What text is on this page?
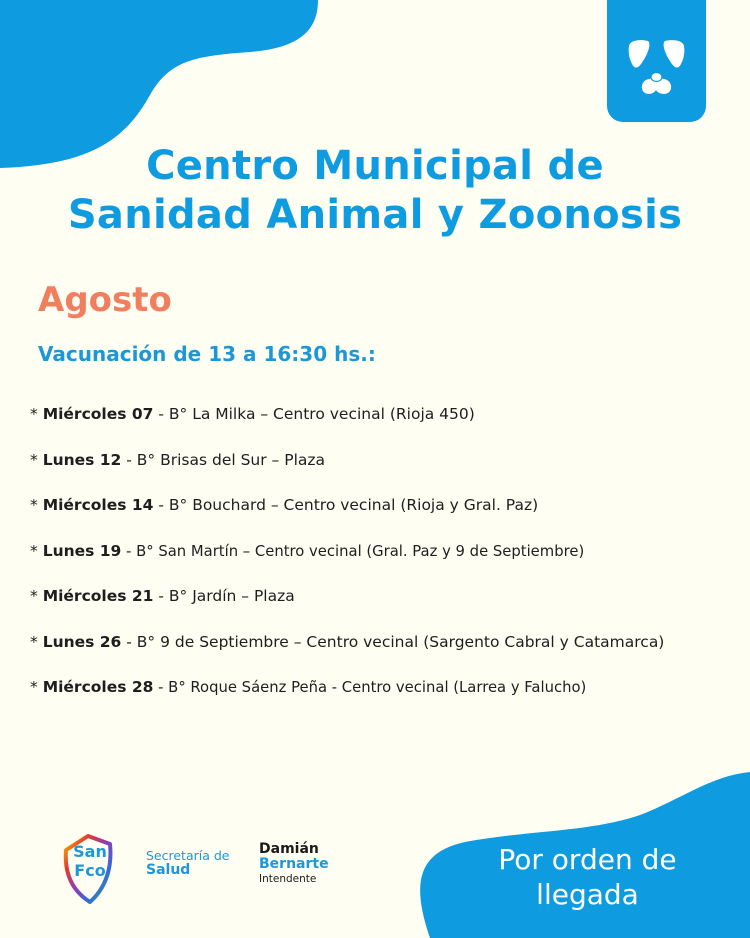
Centro Municipal de
Sanidad Animal y Zoonosis
Agosto
Vacunación de 13 a 16:30 hs.:
* Miércoles 07 - B° La Milka – Centro vecinal (Rioja 450)
* Lunes 12 - B° Brisas del Sur – Plaza
* Miércoles 14 - B° Bouchard – Centro vecinal (Rioja y Gral. Paz)
* Lunes 19 - B° San Martín – Centro vecinal (Gral. Paz y 9 de Septiembre)
* Miércoles 21 - B° Jardín – Plaza
* Lunes 26 - B° 9 de Septiembre – Centro vecinal (Sargento Cabral y Catamarca)
* Miércoles 28 - B° Roque Sáenz Peña - Centro vecinal (Larrea y Falucho)
San
Fco
Secretaría de
Salud
Damián
Bernarte
Intendente
Por orden de
llegada
